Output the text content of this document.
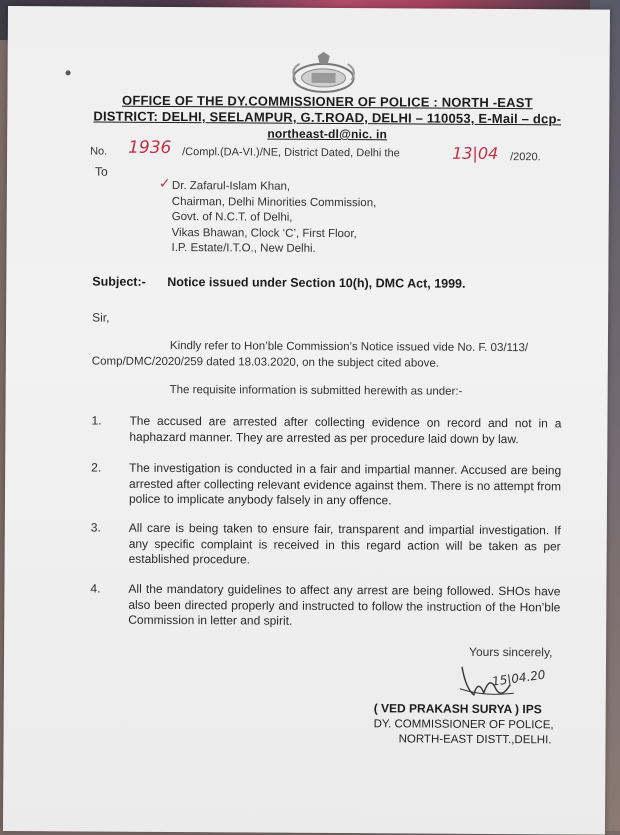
OFFICE OF THE DY.COMMISSIONER OF POLICE : NORTH -EAST
DISTRICT: DELHI, SEELAMPUR, G.T.ROAD, DELHI – 110053, E-Mail – dcp-

northeast-dl@nic. in
No. 1936 /Compl.(DA-VI.)/NE, District Dated, Delhi the	13|04 /2020.
To
✓ Dr. Zafarul-Islam Khan,
Chairman, Delhi Minorities Commission,
Govt. of N.C.T. of Delhi,
Vikas Bhawan, Clock ‘C’, First Floor,
I.P. Estate/I.T.O., New Delhi.
Subject:- Notice issued under Section 10(h), DMC Act, 1999.
Sir,
Kindly refer to Hon’ble Commission’s Notice issued vide No. F. 03/113/ Comp/DMC/2020/259 dated 18.03.2020, on the subject cited above.
The requisite information is submitted herewith as under:-
1.	The accused are arrested after collecting evidence on record and not in a haphazard manner. They are arrested as per procedure laid down by law.
2.	The investigation is conducted in a fair and impartial manner. Accused are being arrested after collecting relevant evidence against them. There is no attempt from police to implicate anybody falsely in any offence.
3.	All care is being taken to ensure fair, transparent and impartial investigation. If any specific complaint is received in this regard action will be taken as per established procedure.
4.	All the mandatory guidelines to affect any arrest are being followed. SHOs have also been directed properly and instructed to follow the instruction of the Hon’ble Commission in letter and spirit.
Yours sincerely,
15|04.20
( VED PRAKASH SURYA ) IPS
DY. COMMISSIONER OF POLICE,
NORTH-EAST DISTT.,DELHI.
